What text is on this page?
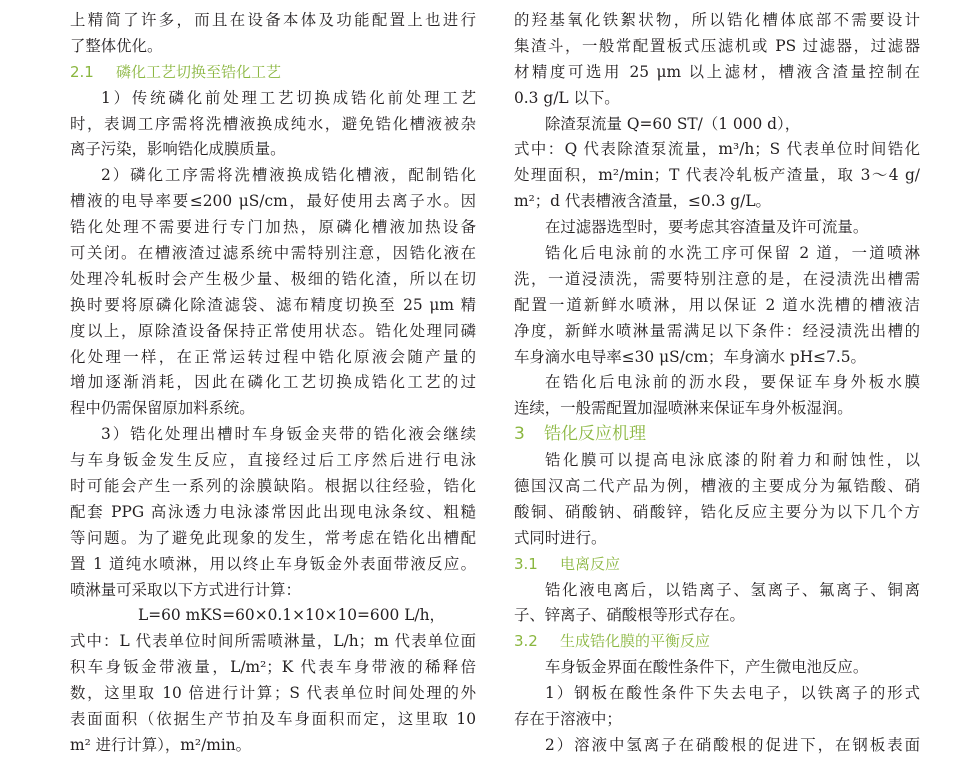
上精简了许多，而且在设备本体及功能配置上也进行
了整体优化。
2.1 磷化工艺切换至锆化工艺
1）传统磷化前处理工艺切换成锆化前处理工艺
时，表调工序需将洗槽液换成纯水，避免锆化槽液被杂
离子污染，影响锆化成膜质量。
2）磷化工序需将洗槽液换成锆化槽液，配制锆化
槽液的电导率要≤200 μS/cm，最好使用去离子水。因
锆化处理不需要进行专门加热，原磷化槽液加热设备
可关闭。在槽液渣过滤系统中需特别注意，因锆化液在
处理冷轧板时会产生极少量、极细的锆化渣，所以在切
换时要将原磷化除渣滤袋、滤布精度切换至 25 μm 精
度以上，原除渣设备保持正常使用状态。锆化处理同磷
化处理一样，在正常运转过程中锆化原液会随产量的
增加逐渐消耗，因此在磷化工艺切换成锆化工艺的过
程中仍需保留原加料系统。
3）锆化处理出槽时车身钣金夹带的锆化液会继续
与车身钣金发生反应，直接经过后工序然后进行电泳
时可能会产生一系列的涂膜缺陷。根据以往经验，锆化
配套 PPG 高泳透力电泳漆常因此出现电泳条纹、粗糙
等问题。为了避免此现象的发生，常考虑在锆化出槽配
置 1 道纯水喷淋，用以终止车身钣金外表面带液反应。
喷淋量可采取以下方式进行计算：
L=60 mKS=60×0.1×10×10=600 L/h，
式中：L 代表单位时间所需喷淋量，L/h；m 代表单位面
积车身钣金带液量，L/m²；K 代表车身带液的稀释倍
数，这里取 10 倍进行计算；S 代表单位时间处理的外
表面面积（依据生产节拍及车身面积而定，这里取 10
m² 进行计算），m²/min。
的羟基氧化铁絮状物，所以锆化槽体底部不需要设计
集渣斗，一般常配置板式压滤机或 PS 过滤器，过滤器
材精度可选用 25 μm 以上滤材，槽液含渣量控制在
0.3 g/L 以下。
除渣泵流量 Q=60 ST/（1 000 d），
式中：Q 代表除渣泵流量，m³/h；S 代表单位时间锆化
处理面积，m²/min；T 代表冷轧板产渣量，取 3～4 g/
m²；d 代表槽液含渣量，≤0.3 g/L。
在过滤器选型时，要考虑其容渣量及许可流量。
锆化后电泳前的水洗工序可保留 2 道，一道喷淋
洗，一道浸渍洗，需要特别注意的是，在浸渍洗出槽需
配置一道新鲜水喷淋，用以保证 2 道水洗槽的槽液洁
净度，新鲜水喷淋量需满足以下条件：经浸渍洗出槽的
车身滴水电导率≤30 μS/cm；车身滴水 pH≤7.5。
在锆化后电泳前的沥水段，要保证车身外板水膜
连续，一般需配置加湿喷淋来保证车身外板湿润。
3 锆化反应机理
锆化膜可以提高电泳底漆的附着力和耐蚀性，以
德国汉高二代产品为例，槽液的主要成分为氟锆酸、硝
酸铜、硝酸钠、硝酸锌，锆化反应主要分为以下几个方
式同时进行。
3.1 电离反应
锆化液电离后，以锆离子、氢离子、氟离子、铜离
子、锌离子、硝酸根等形式存在。
3.2 生成锆化膜的平衡反应
车身钣金界面在酸性条件下，产生微电池反应。
1）钢板在酸性条件下失去电子，以铁离子的形式
存在于溶液中；
2）溶液中氢离子在硝酸根的促进下，在钢板表面
